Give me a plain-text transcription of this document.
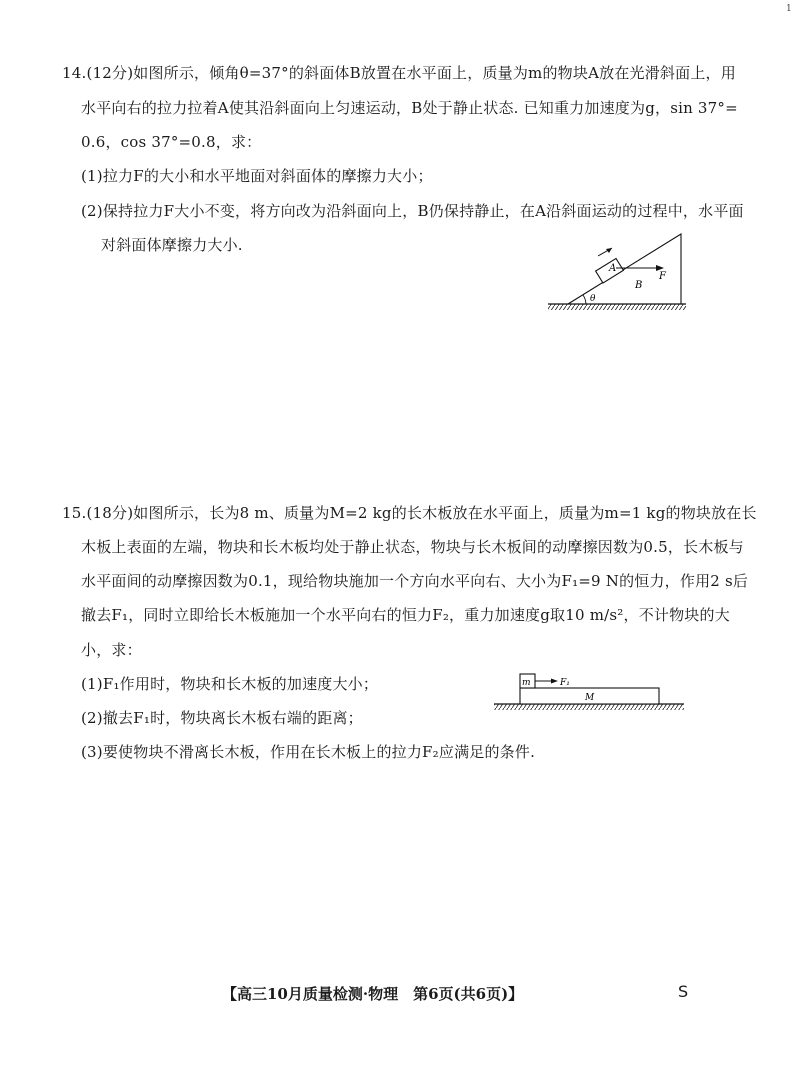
1
14.(12分)如图所示，倾角θ=37°的斜面体B放置在水平面上，质量为m的物块A放在光滑斜面上，用
水平向右的拉力拉着A使其沿斜面向上匀速运动，B处于静止状态. 已知重力加速度为g，sin 37°=
0.6，cos 37°=0.8，求：
(1)拉力F的大小和水平地面对斜面体的摩擦力大小；
(2)保持拉力F大小不变，将方向改为沿斜面向上，B仍保持静止，在A沿斜面运动的过程中，水平面
对斜面体摩擦力大小.
A
F
B
θ
15.(18分)如图所示，长为8 m、质量为M=2 kg的长木板放在水平面上，质量为m=1 kg的物块放在长
木板上表面的左端，物块和长木板均处于静止状态，物块与长木板间的动摩擦因数为0.5，长木板与
水平面间的动摩擦因数为0.1，现给物块施加一个方向水平向右、大小为F₁=9 N的恒力，作用2 s后
撤去F₁，同时立即给长木板施加一个水平向右的恒力F₂，重力加速度g取10 m/s²，不计物块的大
小，求：
(1)F₁作用时，物块和长木板的加速度大小；
(2)撤去F₁时，物块离长木板右端的距离；
(3)要使物块不滑离长木板，作用在长木板上的拉力F₂应满足的条件.
m	F₁
M
【高三10月质量检测·物理　第6页(共6页)】	S
